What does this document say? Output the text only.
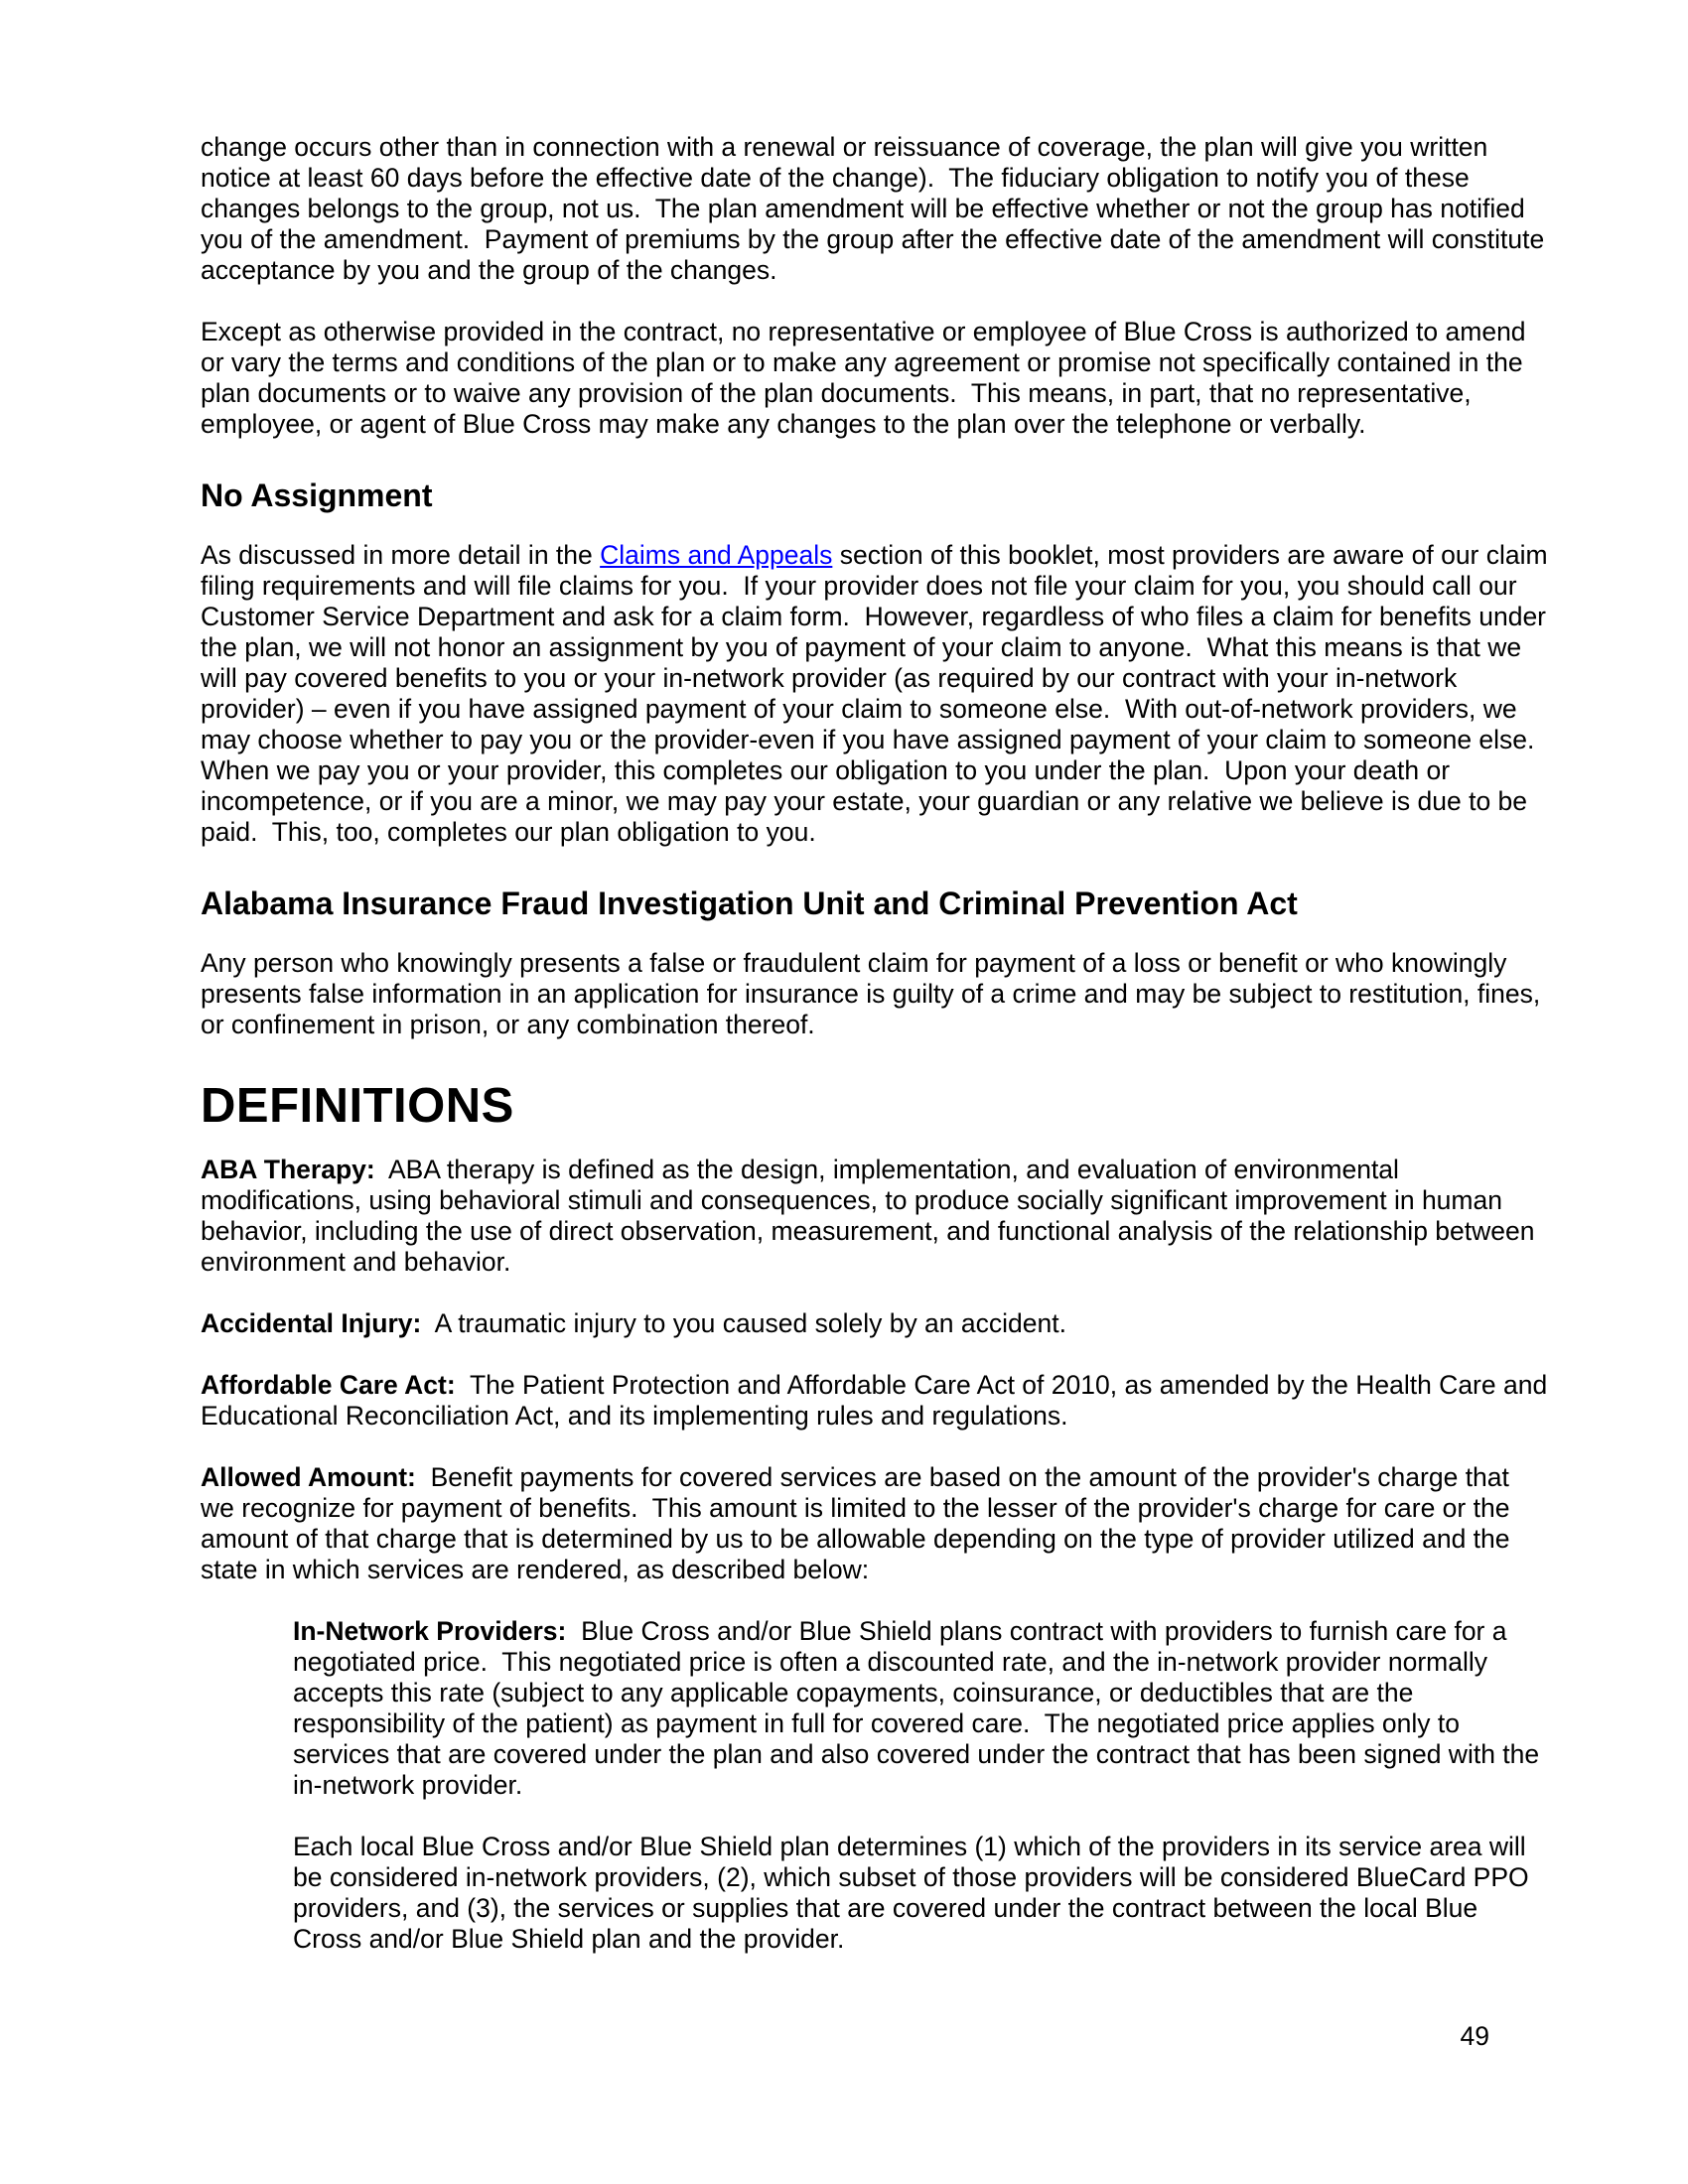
change occurs other than in connection with a renewal or reissuance of coverage, the plan will give you written notice at least 60 days before the effective date of the change).  The fiduciary obligation to notify you of these changes belongs to the group, not us.  The plan amendment will be effective whether or not the group has notified you of the amendment.  Payment of premiums by the group after the effective date of the amendment will constitute acceptance by you and the group of the changes.

Except as otherwise provided in the contract, no representative or employee of Blue Cross is authorized to amend or vary the terms and conditions of the plan or to make any agreement or promise not specifically contained in the plan documents or to waive any provision of the plan documents.  This means, in part, that no representative, employee, or agent of Blue Cross may make any changes to the plan over the telephone or verbally.

No Assignment

As discussed in more detail in the Claims and Appeals section of this booklet, most providers are aware of our claim filing requirements and will file claims for you.  If your provider does not file your claim for you, you should call our Customer Service Department and ask for a claim form.  However, regardless of who files a claim for benefits under the plan, we will not honor an assignment by you of payment of your claim to anyone.  What this means is that we will pay covered benefits to you or your in-network provider (as required by our contract with your in-network provider) – even if you have assigned payment of your claim to someone else.  With out-of-network providers, we may choose whether to pay you or the provider-even if you have assigned payment of your claim to someone else.  When we pay you or your provider, this completes our obligation to you under the plan.  Upon your death or incompetence, or if you are a minor, we may pay your estate, your guardian or any relative we believe is due to be paid.  This, too, completes our plan obligation to you.

Alabama Insurance Fraud Investigation Unit and Criminal Prevention Act

Any person who knowingly presents a false or fraudulent claim for payment of a loss or benefit or who knowingly presents false information in an application for insurance is guilty of a crime and may be subject to restitution, fines, or confinement in prison, or any combination thereof.

DEFINITIONS

ABA Therapy:  ABA therapy is defined as the design, implementation, and evaluation of environmental modifications, using behavioral stimuli and consequences, to produce socially significant improvement in human behavior, including the use of direct observation, measurement, and functional analysis of the relationship between environment and behavior.

Accidental Injury:  A traumatic injury to you caused solely by an accident.

Affordable Care Act:  The Patient Protection and Affordable Care Act of 2010, as amended by the Health Care and Educational Reconciliation Act, and its implementing rules and regulations.

Allowed Amount:  Benefit payments for covered services are based on the amount of the provider's charge that we recognize for payment of benefits.  This amount is limited to the lesser of the provider's charge for care or the amount of that charge that is determined by us to be allowable depending on the type of provider utilized and the state in which services are rendered, as described below:

In-Network Providers:  Blue Cross and/or Blue Shield plans contract with providers to furnish care for a negotiated price.  This negotiated price is often a discounted rate, and the in-network provider normally accepts this rate (subject to any applicable copayments, coinsurance, or deductibles that are the responsibility of the patient) as payment in full for covered care.  The negotiated price applies only to services that are covered under the plan and also covered under the contract that has been signed with the in-network provider.

Each local Blue Cross and/or Blue Shield plan determines (1) which of the providers in its service area will be considered in-network providers, (2), which subset of those providers will be considered BlueCard PPO providers, and (3), the services or supplies that are covered under the contract between the local Blue Cross and/or Blue Shield plan and the provider.

49
